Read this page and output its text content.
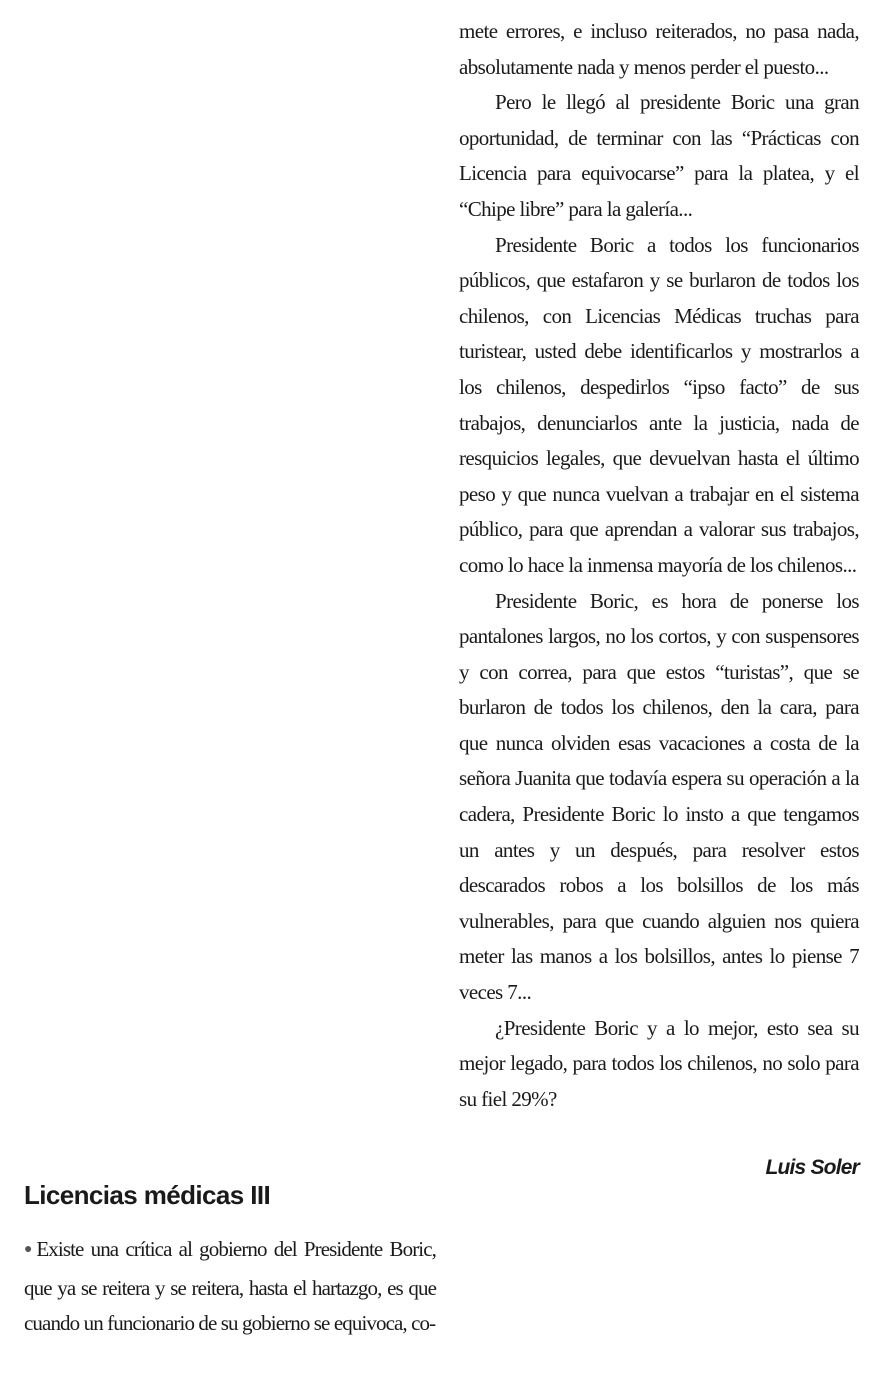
Licencias médicas III

●Existe una crítica al gobierno del Presidente Boric, que ya se reitera y se reitera, hasta el hartazgo, es que cuando un funcionario de su gobierno se equivoca, co-

mete errores, e incluso reiterados, no pasa nada, absolutamente nada y menos perder el puesto...

Pero le llegó al presidente Boric una gran oportunidad, de terminar con las “Prácticas con Licencia para equivocarse” para la platea, y el “Chipe libre” para la galería...

Presidente Boric a todos los funcionarios públicos, que estafaron y se burlaron de todos los chilenos, con Licencias Médicas truchas para turistear, usted debe identificarlos y mostrarlos a los chilenos, despedirlos “ipso facto” de sus trabajos, denunciarlos ante la justicia, nada de resquicios legales, que devuelvan hasta el último peso y que nunca vuelvan a trabajar en el sistema público, para que aprendan a valorar sus trabajos, como lo hace la inmensa mayoría de los chilenos...

Presidente Boric, es hora de ponerse los pantalones largos, no los cortos, y con suspensores y con correa, para que estos “turistas”, que se burlaron de todos los chilenos, den la cara, para que nunca olviden esas vacaciones a costa de la señora Juanita que todavía espera su operación a la cadera, Presidente Boric lo insto a que tengamos un antes y un después, para resolver estos descarados robos a los bolsillos de los más vulnerables, para que cuando alguien nos quiera meter las manos a los bolsillos, antes lo piense 7 veces 7...

¿Presidente Boric y a lo mejor, esto sea su mejor legado, para todos los chilenos, no solo para su fiel 29%?

Luis Soler
